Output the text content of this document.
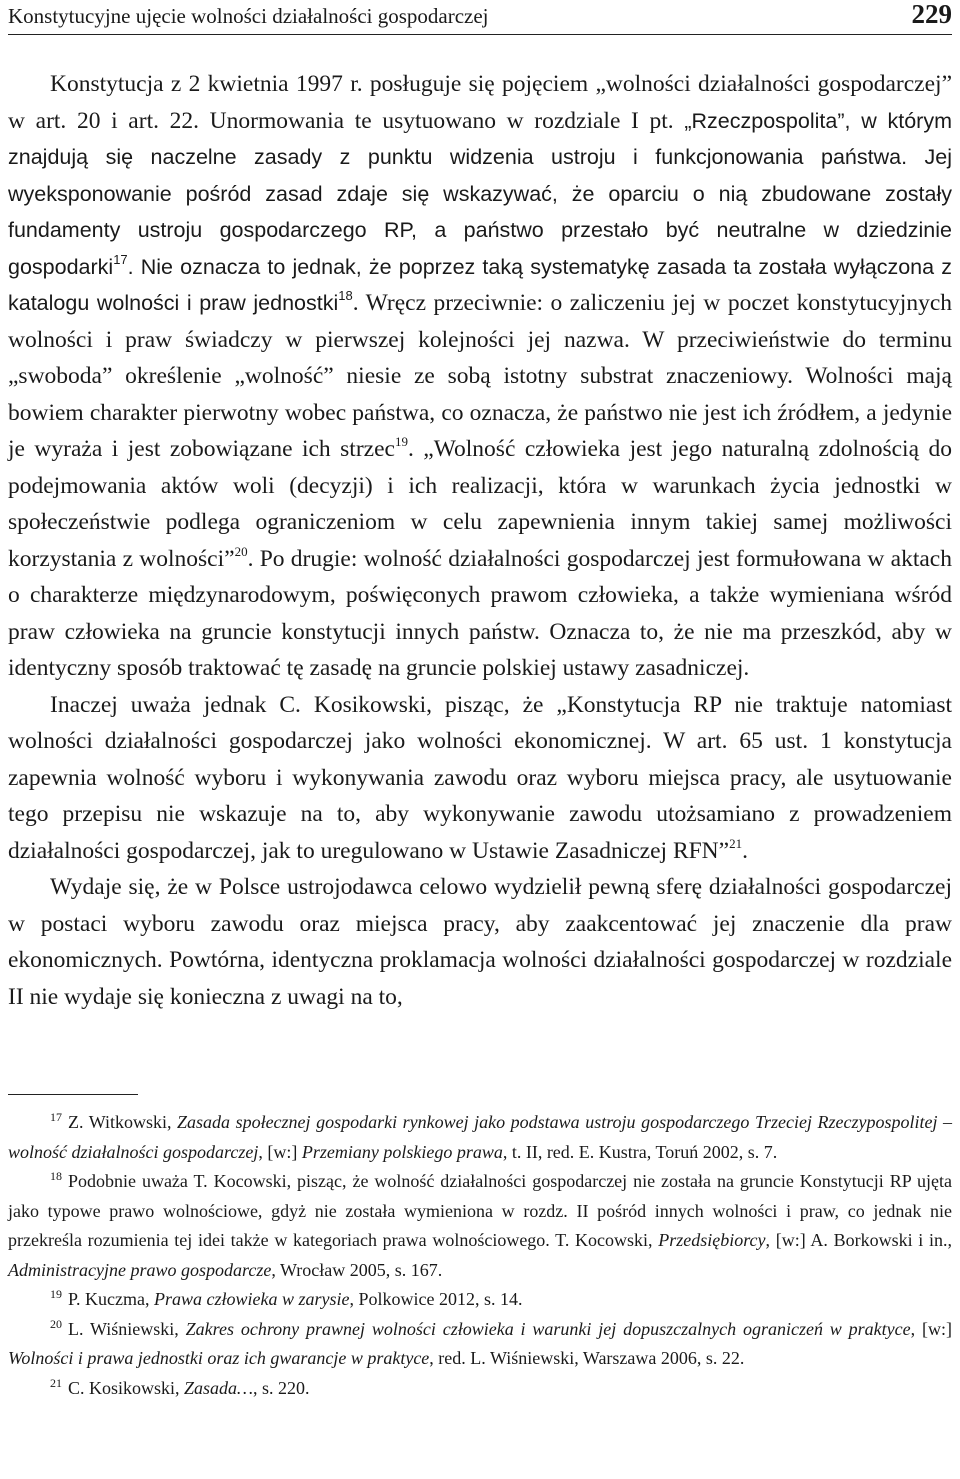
Konstytucyjne ujęcie wolności działalności gospodarczej	229

Konstytucja z 2 kwietnia 1997 r. posługuje się pojęciem „wolności działalności gospodarczej” w art. 20 i art. 22. Unormowania te usytuowano w rozdziale I pt. „Rzeczpospolita”, w którym znajdują się naczelne zasady z punktu widzenia ustroju i funkcjonowania państwa. Jej wyeksponowanie pośród zasad zdaje się wskazywać, że oparciu o nią zbudowane zostały fundamenty ustroju gospodarczego RP, a państwo przestało być neutralne w dziedzinie gospodarki$^{17}$. Nie oznacza to jednak, że poprzez taką systematykę zasada ta została wyłączona z katalogu wolności i praw jednostki$^{18}$. Wręcz przeciwnie: o zaliczeniu jej w poczet konstytucyjnych wolności i praw świadczy w pierwszej kolejności jej nazwa. W przeciwieństwie do terminu „swoboda” określenie „wolność” niesie ze sobą istotny substrat znaczeniowy. Wolności mają bowiem charakter pierwotny wobec państwa, co oznacza, że państwo nie jest ich źródłem, a jedynie je wyraża i jest zobowiązane ich strzec$^{19}$. „Wolność człowieka jest jego naturalną zdolnością do podejmowania aktów woli (decyzji) i ich realizacji, która w warunkach życia jednostki w społeczeństwie podlega ograniczeniom w celu zapewnienia innym takiej samej możliwości korzystania z wolności”$^{20}$. Po drugie: wolność działalności gospodarczej jest formułowana w aktach o charakterze międzynarodowym, poświęconych prawom człowieka, a także wymieniana wśród praw człowieka na gruncie konstytucji innych państw. Oznacza to, że nie ma przeszkód, aby w identyczny sposób traktować tę zasadę na gruncie polskiej ustawy zasadniczej.

Inaczej uważa jednak C. Kosikowski, pisząc, że „Konstytucja RP nie traktuje natomiast wolności działalności gospodarczej jako wolności ekonomicznej. W art. 65 ust. 1 konstytucja zapewnia wolność wyboru i wykonywania zawodu oraz wyboru miejsca pracy, ale usytuowanie tego przepisu nie wskazuje na to, aby wykonywanie zawodu utożsamiano z prowadzeniem działalności gospodarczej, jak to uregulowano w Ustawie Zasadniczej RFN”$^{21}$.

Wydaje się, że w Polsce ustrojodawca celowo wydzielił pewną sferę działalności gospodarczej w postaci wyboru zawodu oraz miejsca pracy, aby zaakcentować jej znaczenie dla praw ekonomicznych. Powtórna, identyczna proklamacja wolności działalności gospodarczej w rozdziale II nie wydaje się konieczna z uwagi na to,

$^{17}$ Z. Witkowski, Zasada społecznej gospodarki rynkowej jako podstawa ustroju gospodarczego Trzeciej Rzeczypospolitej – wolność działalności gospodarczej, [w:] Przemiany polskiego prawa, t. II, red. E. Kustra, Toruń 2002, s. 7.

$^{18}$ Podobnie uważa T. Kocowski, pisząc, że wolność działalności gospodarczej nie została na gruncie Konstytucji RP ujęta jako typowe prawo wolnościowe, gdyż nie została wymieniona w rozdz. II pośród innych wolności i praw, co jednak nie przekreśla rozumienia tej idei także w kategoriach prawa wolnościowego. T. Kocowski, Przedsiębiorcy, [w:] A. Borkowski i in., Administracyjne prawo gospodarcze, Wrocław 2005, s. 167.

$^{19}$ P. Kuczma, Prawa człowieka w zarysie, Polkowice 2012, s. 14.

$^{20}$ L. Wiśniewski, Zakres ochrony prawnej wolności człowieka i warunki jej dopuszczalnych ograniczeń w praktyce, [w:] Wolności i prawa jednostki oraz ich gwarancje w praktyce, red. L. Wiśniewski, Warszawa 2006, s. 22.

$^{21}$ C. Kosikowski, Zasada…, s. 220.
